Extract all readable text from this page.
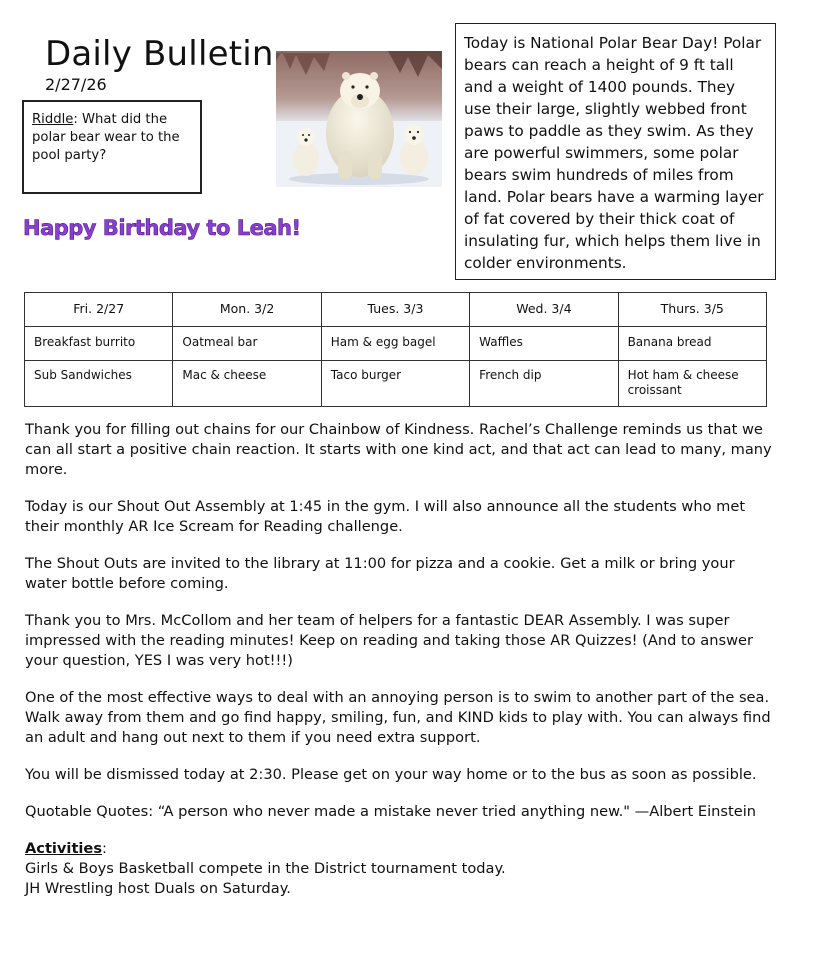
Daily Bulletin
2/27/26
Riddle: What did the polar bear wear to the pool party?
Happy Birthday to Leah!
Today is National Polar Bear Day! Polar bears can reach a height of 9 ft tall and a weight of 1400 pounds. They use their large, slightly webbed front paws to paddle as they swim. As they are powerful swimmers, some polar bears swim hundreds of miles from land. Polar bears have a warming layer of fat covered by their thick coat of insulating fur, which helps them live in colder environments.
Fri. 2/27	Mon. 3/2	Tues. 3/3	Wed. 3/4	Thurs. 3/5
Breakfast burrito	Oatmeal bar	Ham & egg bagel	Waffles	Banana bread
Sub Sandwiches	Mac & cheese	Taco burger	French dip	Hot ham & cheese croissant

Thank you for filling out chains for our Chainbow of Kindness. Rachel’s Challenge reminds us that we can all start a positive chain reaction. It starts with one kind act, and that act can lead to many, many more.

Today is our Shout Out Assembly at 1:45 in the gym. I will also announce all the students who met their monthly AR Ice Scream for Reading challenge.

The Shout Outs are invited to the library at 11:00 for pizza and a cookie. Get a milk or bring your water bottle before coming.

Thank you to Mrs. McCollom and her team of helpers for a fantastic DEAR Assembly. I was super impressed with the reading minutes! Keep on reading and taking those AR Quizzes! (And to answer your question, YES I was very hot!!!)

One of the most effective ways to deal with an annoying person is to swim to another part of the sea. Walk away from them and go find happy, smiling, fun, and KIND kids to play with. You can always find an adult and hang out next to them if you need extra support.

You will be dismissed today at 2:30. Please get on your way home or to the bus as soon as possible.

Quotable Quotes: “A person who never made a mistake never tried anything new." —Albert Einstein

Activities:
Girls & Boys Basketball compete in the District tournament today.
JH Wrestling host Duals on Saturday.
